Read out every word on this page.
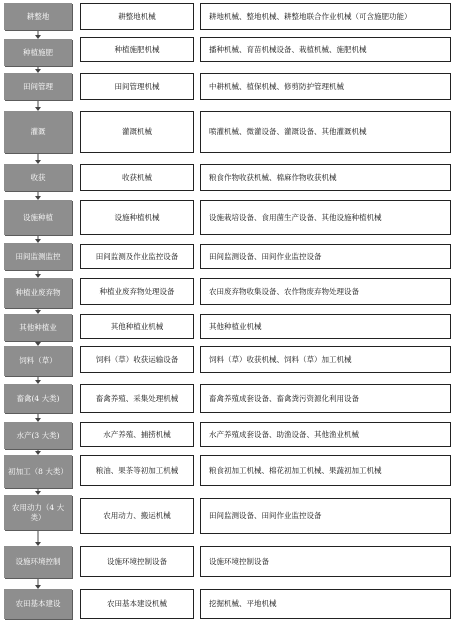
耕整地	耕整地机械	耕地机械、整地机械、耕整地联合作业机械（可含施肥功能）
种植施肥	种植施肥机械	播种机械、育苗机械设备、栽植机械、施肥机械
田间管理	田间管理机械	中耕机械、植保机械、修剪防护管理机械
灌溉	灌溉机械	喷灌机械、微灌设备、灌溉设备、其他灌溉机械
收获	收获机械	粮食作物收获机械、棉麻作物收获机械
设施种植	设施种植机械	设施栽培设备、食用菌生产设备、其他设施种植机械
田间监测监控	田间监测及作业监控设备	田间监测设备、田间作业监控设备
种植业废弃物	种植业废弃物处理设备	农田废弃物收集设备、农作物废弃物处理设备
其他种植业	其他种植业机械	其他种植业机械
饲料（草）	饲料（草）收获运输设备	饲料（草）收获机械、饲料（草）加工机械
畜禽(4 大类)	畜禽养殖、采集处理机械	畜禽养殖成套设备、畜禽粪污资源化利用设备
水产(3 大类)	水产养殖、捕捞机械	水产养殖成套设备、助渔设备、其他渔业机械
初加工（8 大类）	粮油、果茶等初加工机械	粮食初加工机械、棉花初加工机械、果蔬初加工机械
农用动力（4 大类）	农用动力、搬运机械	田间监测设备、田间作业监控设备
设施环境控制	设施环境控制设备	设施环境控制设备
农田基本建设	农田基本建设机械	挖掘机械、平地机械
